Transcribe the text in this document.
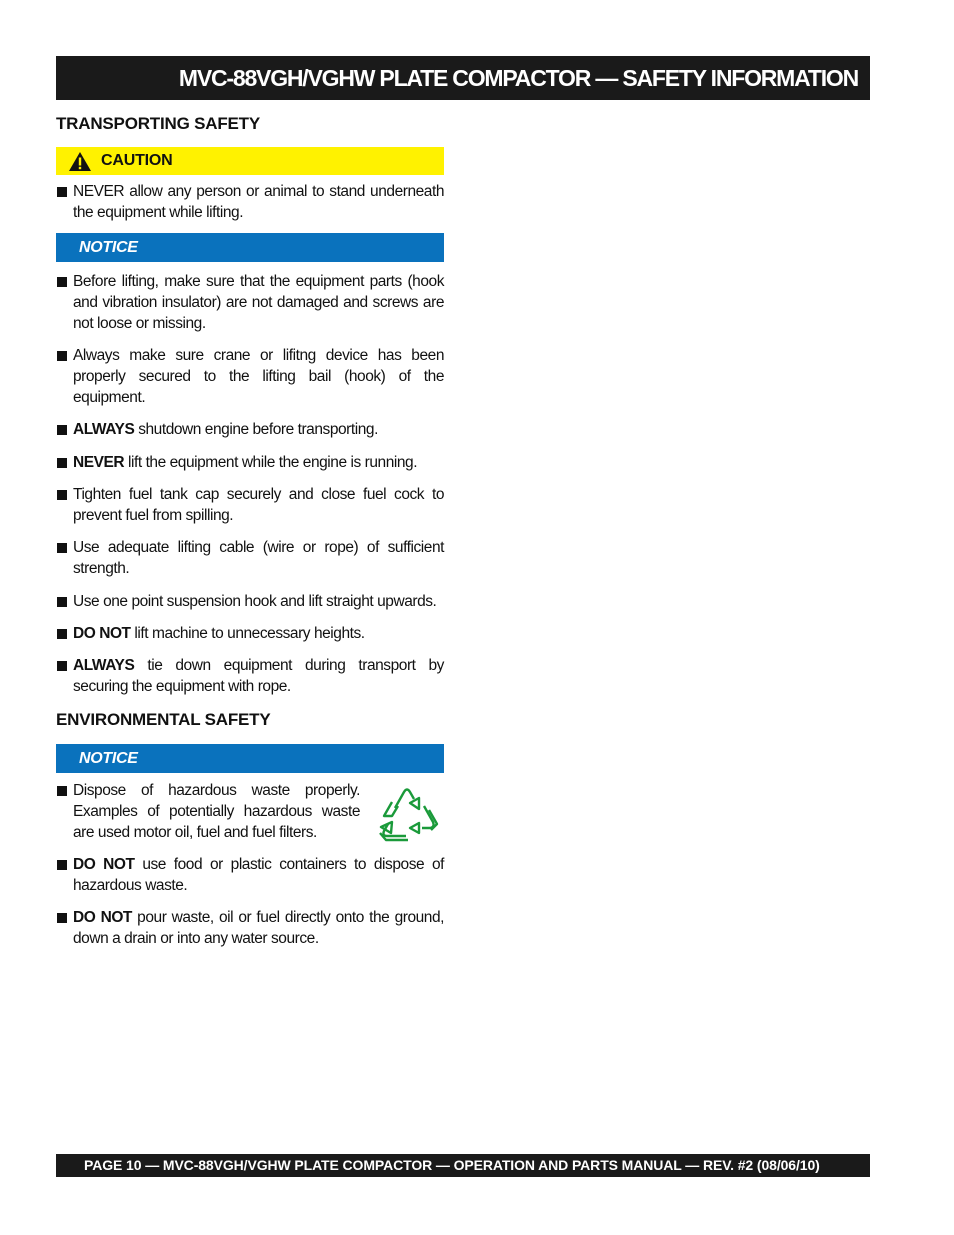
MVC-88VGH/VGHW PLATE COMPACTOR — SAFETY INFORMATION
TRANSPORTING SAFETY
CAUTION
NEVER allow any person or animal to stand underneath the equipment while lifting.
NOTICE
Before lifting, make sure that the equipment parts (hook and vibration insulator) are not damaged and screws are not loose or missing.
Always make sure crane or lifitng device has been properly secured to the lifting bail (hook) of the equipment.
ALWAYS shutdown engine before transporting.
NEVER lift the equipment while the engine is running.
Tighten fuel tank cap securely and close fuel cock to prevent fuel from spilling.
Use adequate lifting cable (wire or rope) of sufficient strength.
Use one point suspension hook and lift straight upwards.
DO NOT lift machine to unnecessary heights.
ALWAYS tie down equipment during transport by securing the equipment with rope.
ENVIRONMENTAL SAFETY
NOTICE
Dispose of hazardous waste properly. Examples of potentially hazardous waste are used motor oil, fuel and fuel filters.
DO NOT use food or plastic containers to dispose of hazardous waste.
DO NOT pour waste, oil or fuel directly onto the ground, down a drain or into any water source.
PAGE 10 — MVC-88VGH/VGHW PLATE COMPACTOR — OPERATION AND PARTS MANUAL — REV. #2 (08/06/10)
